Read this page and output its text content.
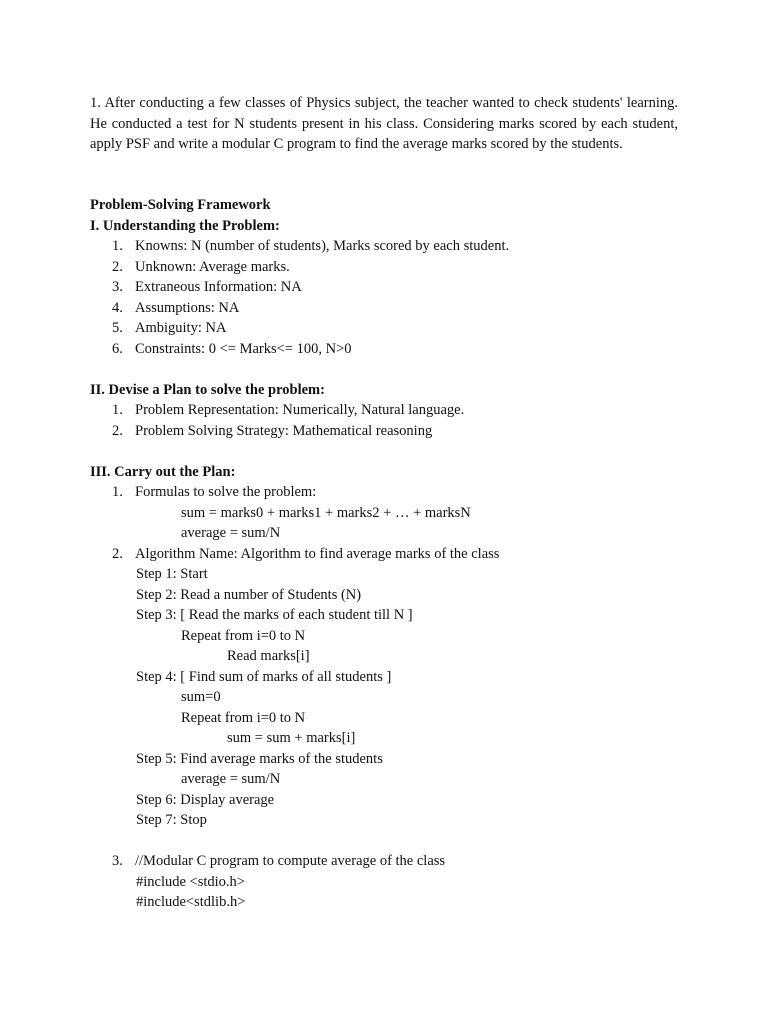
1. After conducting a few classes of Physics subject, the teacher wanted to check students' learning. He conducted a test for N students present in his class. Considering marks scored by each student, apply PSF and write a modular C program to find the average marks scored by the students.
Problem-Solving Framework
I. Understanding the Problem:
1. Knowns: N (number of students), Marks scored by each student.
2. Unknown: Average marks.
3. Extraneous Information: NA
4. Assumptions: NA
5. Ambiguity: NA
6. Constraints: 0 <= Marks<= 100, N>0
II. Devise a Plan to solve the problem:
1. Problem Representation: Numerically, Natural language.
2. Problem Solving Strategy: Mathematical reasoning
III. Carry out the Plan:
1. Formulas to solve the problem:
sum = marks0 + marks1 + marks2 + … + marksN
average = sum/N
2. Algorithm Name: Algorithm to find average marks of the class
Step 1: Start
Step 2: Read a number of Students (N)
Step 3: [ Read the marks of each student till N ]
Repeat from i=0 to N
Read marks[i]
Step 4: [ Find sum of marks of all students ]
sum=0
Repeat from i=0 to N
sum = sum + marks[i]
Step 5: Find average marks of the students
average = sum/N
Step 6: Display average
Step 7: Stop
3. //Modular C program to compute average of the class
#include <stdio.h>
#include<stdlib.h>
